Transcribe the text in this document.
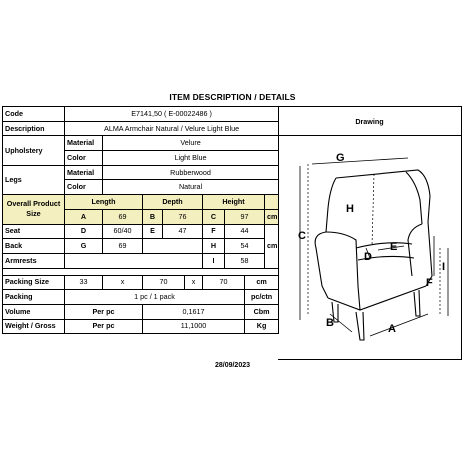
ITEM DESCRIPTION / DETAILS
Code	E7141,50 ( E-00022486 )								
Description	ALMA Armchair Natural / Velure Light Blue								
Upholstery	Material	Velure							
	Color	Light Blue							
Legs	Material	Rubberwood							
	Color	Natural							
Overall Product Size	Length		Depth			Height			
	A	69	B	76		C	97		cm
Seat	D	60/40	E	47		F	44		cm
Back	G	69				H	54		
Armrests						I	58		

Packing Size	33	x	70		x	70		cm	
Packing	1 pc / 1 pack							pc/ctn	
Volume	Per pc		0,1617					Cbm	
Weight / Gross	Per pc		11,1000					Kg	
Drawing
G
H
C
E
D
I
F
B	A
28/09/2023
